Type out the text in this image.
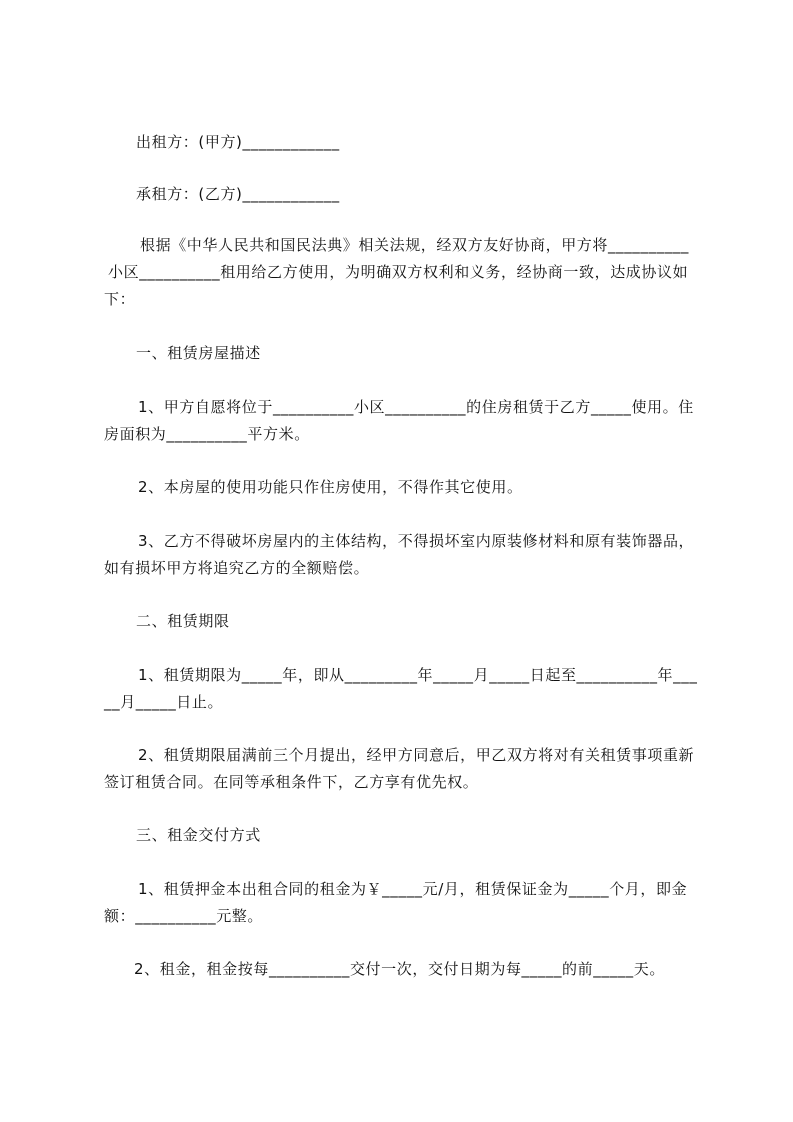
出租方：(甲方)____________
承租方：(乙方)____________
根据《中华人民共和国民法典》相关法规，经双方友好协商，甲方将__________
小区__________租用给乙方使用，为明确双方权利和义务，经协商一致，达成协议如
下：
一、租赁房屋描述
1、甲方自愿将位于__________小区__________的住房租赁于乙方_____使用。住
房面积为__________平方米。
2、本房屋的使用功能只作住房使用，不得作其它使用。
3、乙方不得破坏房屋内的主体结构，不得损坏室内原装修材料和原有装饰器品，
如有损坏甲方将追究乙方的全额赔偿。
二、租赁期限
1、租赁期限为_____年，即从_________年_____月_____日起至__________年___
__月_____日止。
2、租赁期限届满前三个月提出，经甲方同意后，甲乙双方将对有关租赁事项重新
签订租赁合同。在同等承租条件下，乙方享有优先权。
三、租金交付方式
1、租赁押金本出租合同的租金为￥_____元/月，租赁保证金为_____个月，即金
额：__________元整。
2、租金，租金按每__________交付一次，交付日期为每_____的前_____天。
